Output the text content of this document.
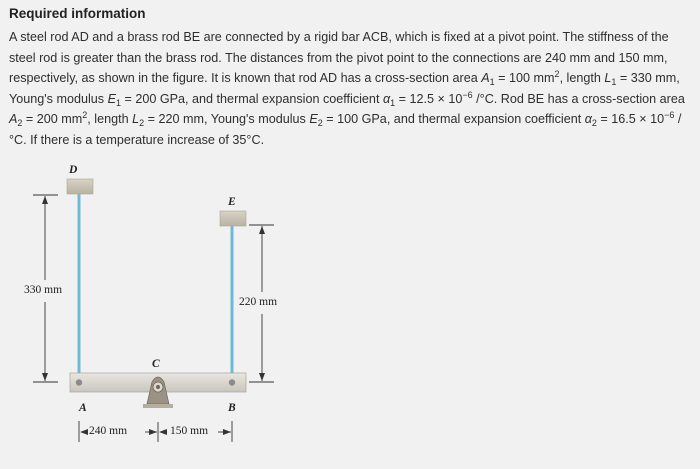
Required information
A steel rod AD and a brass rod BE are connected by a rigid bar ACB, which is fixed at a pivot point. The stiffness of the steel rod is greater than the brass rod. The distances from the pivot point to the connections are 240 mm and 150 mm, respectively, as shown in the figure. It is known that rod AD has a cross-section area $A_1 = 100$ $mm^2$, length $L_1 = 330$ mm, Young's modulus $E_1 = 200$ GPa, and thermal expansion coefficient $\alpha_1 = 12.5 \times 10^{-6}$ /°C. Rod BE has a cross-section area $A_2 = 200$ $mm^2$, length $L_2 = 220$ mm, Young's modulus $E_2 = 100$ GPa, and thermal expansion coefficient $\alpha_2 = 16.5 \times 10^{-6}$ /°C. If there is a temperature increase of 35°C.
D
E
C
A	B
330 mm
220 mm
240 mm	150 mm
